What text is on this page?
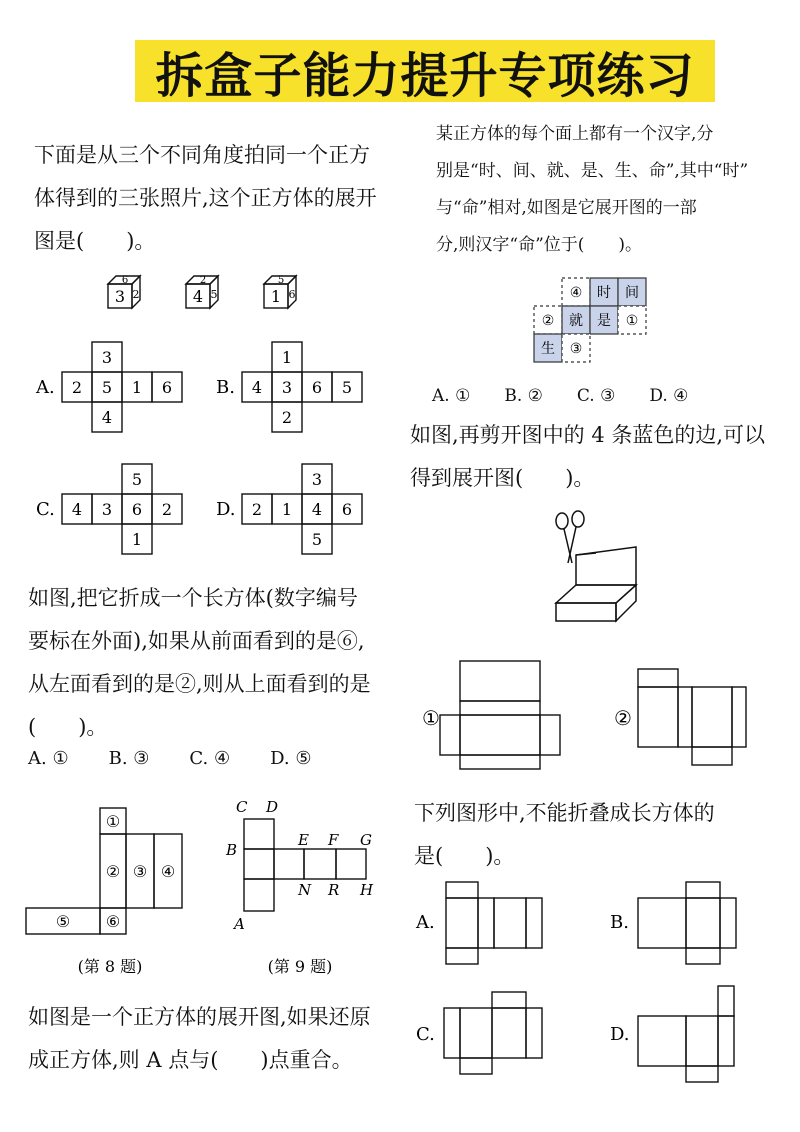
拆盒子能力提升专项练习
下面是从三个不同角度拍同一个正方
体得到的三张照片,这个正方体的展开
图是(　　)。
3
6
2	4
2
5	1
5
6
A.
3
2 5 1 6
4
B.
1
4 3 6 5
2
C.
5
4 3 6 2
1
D.
3
2 1 4 6
5
如图,把它折成一个长方体(数字编号
要标在外面),如果从前面看到的是⑥,
从左面看到的是②,则从上面看到的是
(　　)。
A. ① B. ③ C. ④ D. ⑤
①
② ③ ④
⑤ ⑥
(第 8 题)
C D
B
E F G
N R H
A
(第 9 题)
如图是一个正方体的展开图,如果还原
成正方体,则 A 点与(　　)点重合。
某正方体的每个面上都有一个汉字,分
别是“时、间、就、是、生、命”,其中“时”
与“命”相对,如图是它展开图的一部
分,则汉字“命”位于(　　)。
④ 时 间
② 就 是 ①
生 ③
A. ① B. ② C. ③ D. ④
如图,再剪开图中的 4 条蓝色的边,可以
得到展开图(　　)。
①	②
下列图形中,不能折叠成长方体的
是(　　)。
A.	B.
C.	D.
